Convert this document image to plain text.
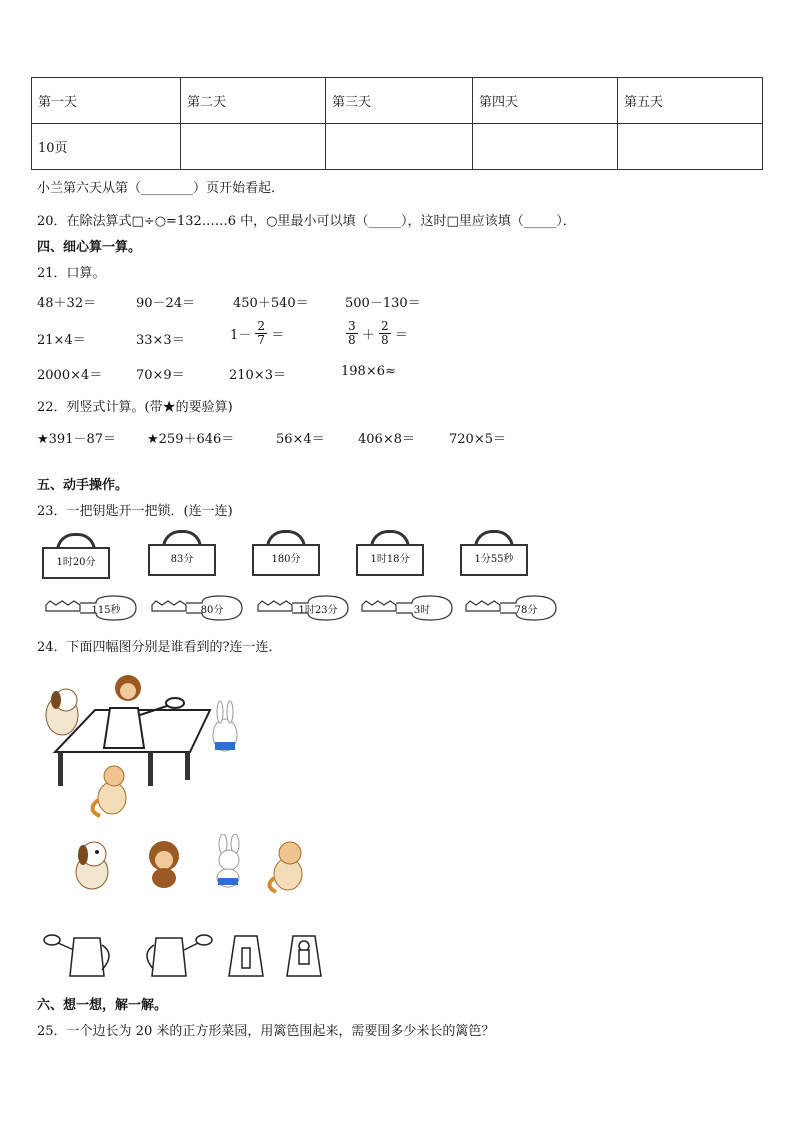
第一天	第二天	第三天	第四天	第五天
10页				
小兰第六天从第（________）页开始看起．
20．在除法算式□÷○=132……6 中，○里最小可以填（_____），这时□里应该填（_____）．
四、细心算一算。
21．口算。
48＋32＝	90－24＝	450＋540＝	500－130＝
21×4＝	33×3＝	$1- \frac{2}{7}$ ＝	$\frac{3}{8} + \frac{2}{8}$ ＝
2000×4＝	70×9＝	210×3＝	198×6≈
22．列竖式计算。(带★的要验算)
★391－87＝ ★259＋646＝	56×4＝	406×8＝	720×5＝
五、动手操作。
23．一把钥匙开一把锁．(连一连)
1时20分	83分	180分	1时18分	1分55秒
115秒	80分	1时23分	3时	78分
24．下面四幅图分别是谁看到的?连一连．
六、想一想，解一解。
25．一个边长为 20 米的正方形菜园，用篱笆围起来，需要围多少米长的篱笆？
